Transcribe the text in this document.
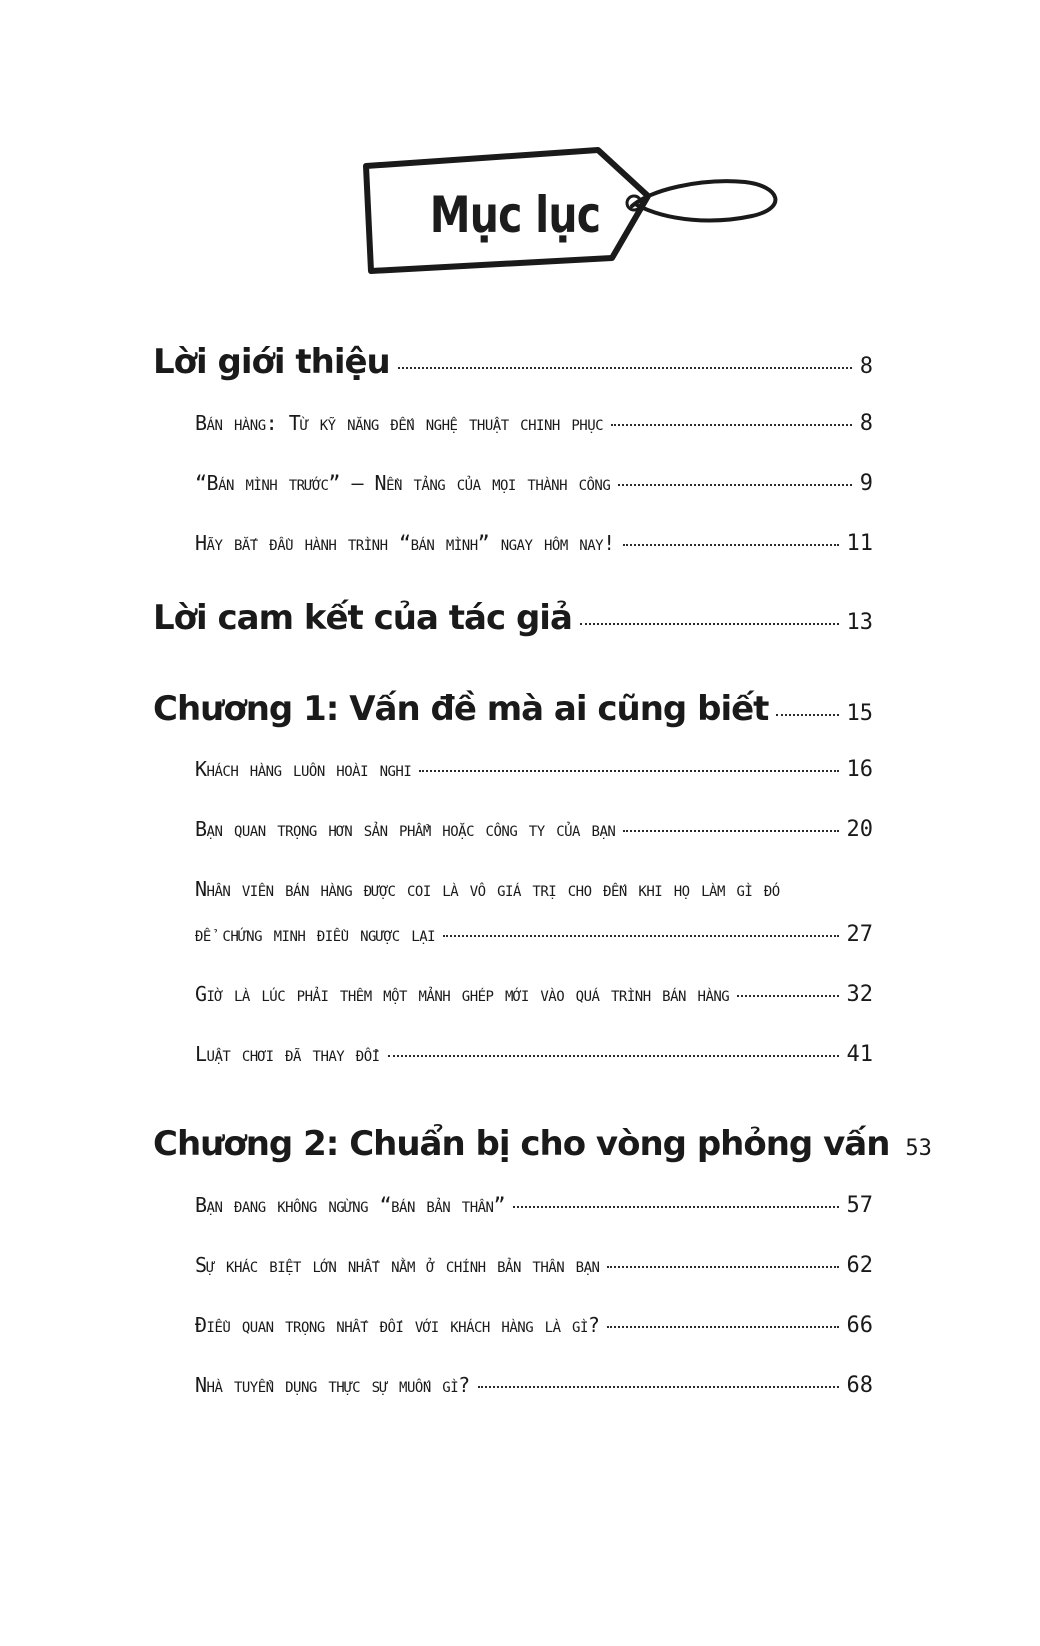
Mục lục
Lời giới thiệu	8
Bán hàng: Từ kỹ năng đến nghệ thuật chinh phục	8
“Bán mình trước” – Nền tảng của mọi thành công	9
Hãy bắt đầu hành trình “bán mình” ngay hôm nay!	11
Lời cam kết của tác giả	13
Chương 1: Vấn đề mà ai cũng biết	15
Khách hàng luôn hoài nghi	16
Bạn quan trọng hơn sản phẩm hoặc công ty của bạn	20
Nhân viên bán hàng được coi là vô giá trị cho đến khi họ làm gì đó
để chứng minh điều ngược lại	27
Giờ là lúc phải thêm một mảnh ghép mới vào quá trình bán hàng	32
Luật chơi đã thay đổi	41
Chương 2: Chuẩn bị cho vòng phỏng vấn 53
Bạn đang không ngừng “bán bản thân”	57
Sự khác biệt lớn nhất nằm ở chính bản thân bạn	62
Điều quan trọng nhất đối với khách hàng là gì?	66
Nhà tuyển dụng thực sự muốn gì?	68
